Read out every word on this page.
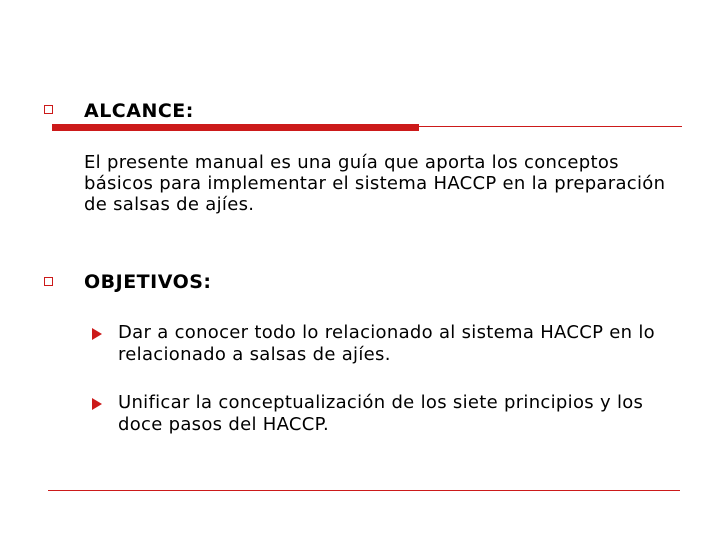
ALCANCE:
El presente manual es una guía que aporta los conceptos básicos para implementar el sistema HACCP en la preparación de salsas de ajíes.
OBJETIVOS:
Dar a conocer todo lo relacionado al sistema HACCP en lo relacionado a salsas de ajíes.
Unificar la conceptualización de los siete principios y los doce pasos del HACCP.
